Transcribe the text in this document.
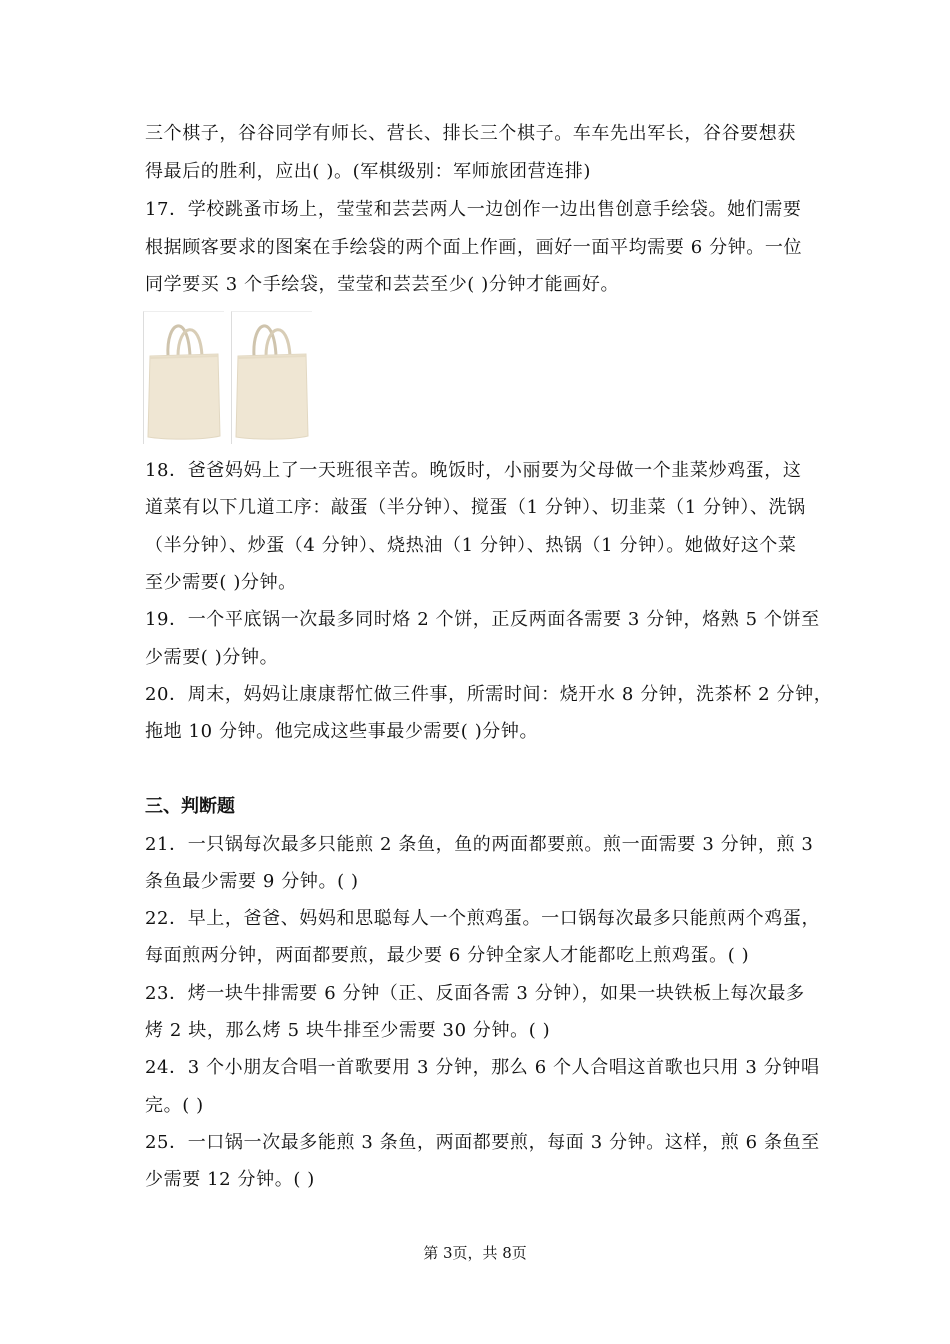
三个棋子，谷谷同学有师长、营长、排长三个棋子。车车先出军长，谷谷要想获
得最后的胜利，应出( )。(军棋级别：军师旅团营连排)
17．学校跳蚤市场上，莹莹和芸芸两人一边创作一边出售创意手绘袋。她们需要
根据顾客要求的图案在手绘袋的两个面上作画，画好一面平均需要 6 分钟。一位
同学要买 3 个手绘袋，莹莹和芸芸至少( )分钟才能画好。
18．爸爸妈妈上了一天班很辛苦。晚饭时，小丽要为父母做一个韭菜炒鸡蛋，这
道菜有以下几道工序：敲蛋（半分钟）、搅蛋（1 分钟）、切韭菜（1 分钟）、洗锅
（半分钟）、炒蛋（4 分钟）、烧热油（1 分钟）、热锅（1 分钟）。她做好这个菜
至少需要( )分钟。
19．一个平底锅一次最多同时烙 2 个饼，正反两面各需要 3 分钟，烙熟 5 个饼至
少需要( )分钟。
20．周末，妈妈让康康帮忙做三件事，所需时间：烧开水 8 分钟，洗茶杯 2 分钟，
拖地 10 分钟。他完成这些事最少需要( )分钟。
三、判断题
21．一只锅每次最多只能煎 2 条鱼，鱼的两面都要煎。煎一面需要 3 分钟，煎 3
条鱼最少需要 9 分钟。( )
22．早上，爸爸、妈妈和思聪每人一个煎鸡蛋。一口锅每次最多只能煎两个鸡蛋，
每面煎两分钟，两面都要煎，最少要 6 分钟全家人才能都吃上煎鸡蛋。( )
23．烤一块牛排需要 6 分钟（正、反面各需 3 分钟），如果一块铁板上每次最多
烤 2 块，那么烤 5 块牛排至少需要 30 分钟。( )
24．3 个小朋友合唱一首歌要用 3 分钟，那么 6 个人合唱这首歌也只用 3 分钟唱
完。( )
25．一口锅一次最多能煎 3 条鱼，两面都要煎，每面 3 分钟。这样，煎 6 条鱼至
少需要 12 分钟。( )
第 3页，共 8页
